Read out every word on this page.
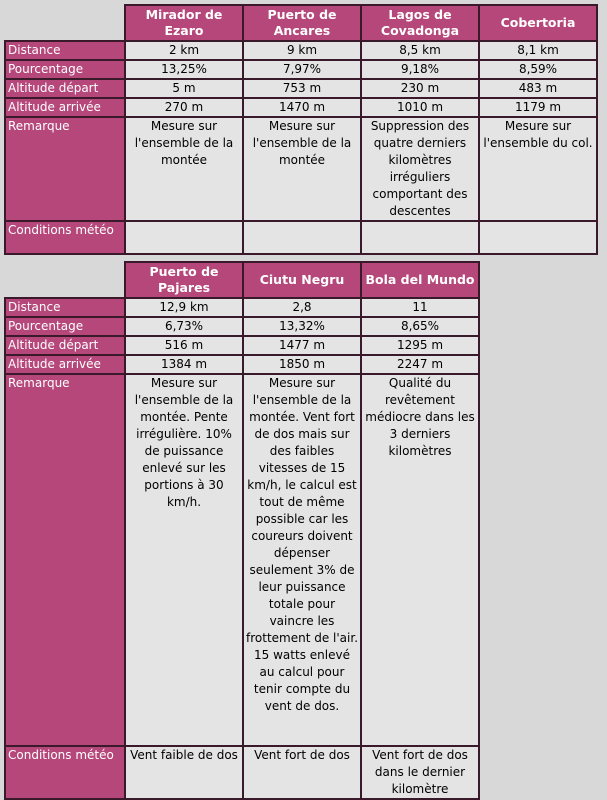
	Mirador de Ezaro	Puerto de Ancares	Lagos de Covadonga	Cobertoria
Distance	2 km	9 km	8,5 km	8,1 km
Pourcentage	13,25%	7,97%	9,18%	8,59%
Altitude départ	5 m	753 m	230 m	483 m
Altitude arrivée	270 m	1470 m	1010 m	1179 m
Remarque	Mesure sur l'ensemble de la montée	Mesure sur l'ensemble de la montée	Suppression des quatre derniers kilomètres irréguliers comportant des descentes	Mesure sur l'ensemble du col.
Conditions météo				
	Puerto de Pajares	Ciutu Negru	Bola del Mundo
Distance	12,9 km	2,8	11
Pourcentage	6,73%	13,32%	8,65%
Altitude départ	516 m	1477 m	1295 m
Altitude arrivée	1384 m	1850 m	2247 m
Remarque	Mesure sur l'ensemble de la montée. Pente irrégulière. 10% de puissance enlevé sur les portions à 30 km/h.	Mesure sur l'ensemble de la montée. Vent fort de dos mais sur des faibles vitesses de 15 km/h, le calcul est tout de même possible car les coureurs doivent dépenser seulement 3% de leur puissance totale pour vaincre les frottement de l'air. 15 watts enlevé au calcul pour tenir compte du vent de dos.	Qualité du revêtement médiocre dans les 3 derniers kilomètres
Conditions météo	Vent faible de dos	Vent fort de dos	Vent fort de dos dans le dernier kilomètre
